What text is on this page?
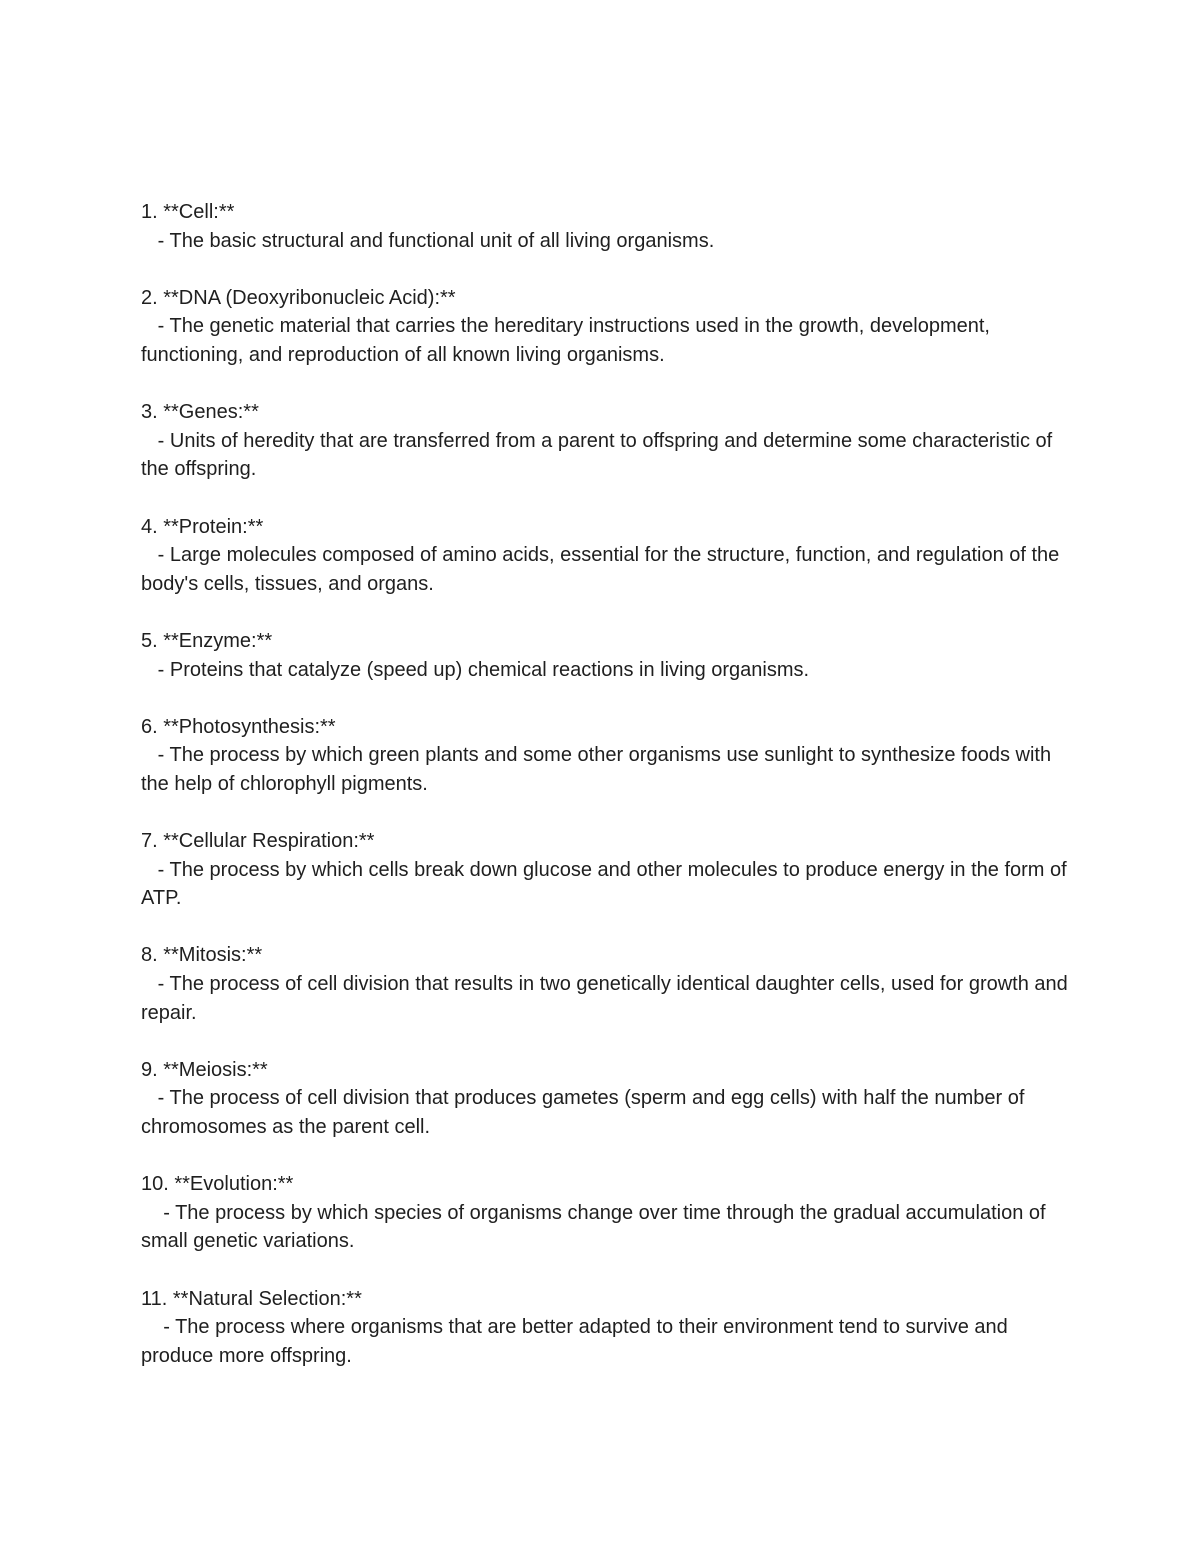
1. **Cell:**

- The basic structural and functional unit of all living organisms.

2. **DNA (Deoxyribonucleic Acid):**

- The genetic material that carries the hereditary instructions used in the growth, development, functioning, and reproduction of all known living organisms.

3. **Genes:**

- Units of heredity that are transferred from a parent to offspring and determine some characteristic of the offspring.

4. **Protein:**

- Large molecules composed of amino acids, essential for the structure, function, and regulation of the body's cells, tissues, and organs.

5. **Enzyme:**

- Proteins that catalyze (speed up) chemical reactions in living organisms.

6. **Photosynthesis:**

- The process by which green plants and some other organisms use sunlight to synthesize foods with the help of chlorophyll pigments.

7. **Cellular Respiration:**

- The process by which cells break down glucose and other molecules to produce energy in the form of ATP.

8. **Mitosis:**

- The process of cell division that results in two genetically identical daughter cells, used for growth and repair.

9. **Meiosis:**

- The process of cell division that produces gametes (sperm and egg cells) with half the number of chromosomes as the parent cell.

10. **Evolution:**

- The process by which species of organisms change over time through the gradual accumulation of small genetic variations.

11. **Natural Selection:**

- The process where organisms that are better adapted to their environment tend to survive and produce more offspring.
